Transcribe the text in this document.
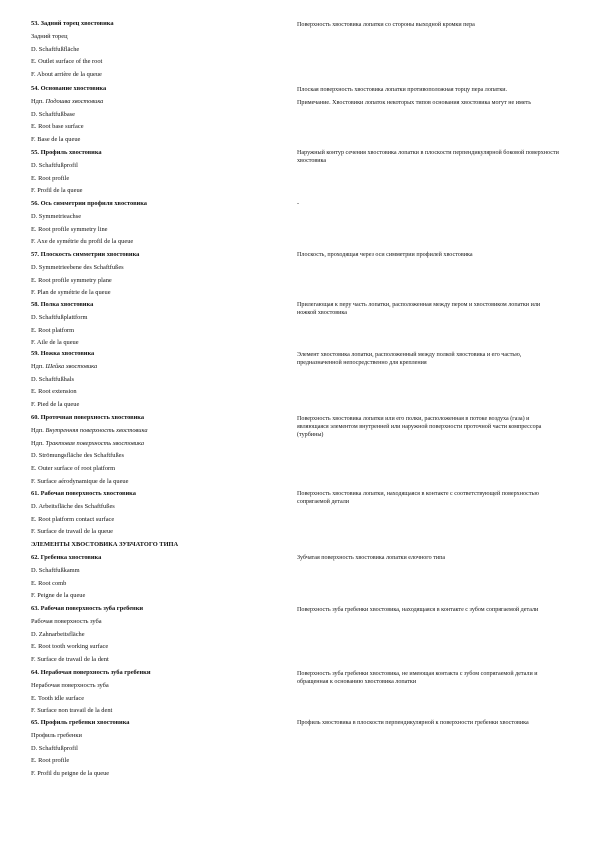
53. Задний торец хвостовика
Задний торец
D. Schaftfußfläche
E. Outlet surface of the root
F. About arrière de la queue
Поверхность хвостовика лопатки со стороны выходной кромки пера
54. Основание хвостовика
Ндп. Подошва хвостовика
D. Schaftfußbase
E. Root base surface
F. Base de la queue
Плоская поверхность хвостовика лопатки противоположная торцу пера лопатки.
Примечание. Хвостовики лопаток некоторых типов основания хвостовика могут не иметь
55. Профиль хвостовика
D. Schaftfußprofil
E. Root profile
F. Profil de la queue
Наружный контур сечения хвостовика лопатки в плоскости перпендикулярной боковой поверхности хвостовика
56. Ось симметрии профиля хвостовика
D. Symmetrieachse
E. Root profile symmetry line
F. Axe de symétrie du profil de la queue
-
57. Плоскость симметрии хвостовика
D. Symmetrieebene des Schaftfußes
E. Root profile symmetry plane
F. Plan de symétrie de la queue
Плоскость, проходящая через оси симметрии профилей хвостовика
58. Полка хвостовика
D. Schaftfußplattform
E. Root platform
F. Aile de la queue
Прилегающая к перу часть лопатки, расположенная между пером и хвостовиком лопатки или ножкой хвостовика
59. Ножка хвостовика
Ндп. Шейка хвостовика
D. Schaftfußhals
E. Root extension
F. Pied de la queue
Элемент хвостовика лопатки, расположенный между полкой хвостовика и его частью, предназначенной непосредственно для крепления
60. Проточная поверхность хвостовика
Ндп. Внутренняя поверхность хвостовика
Ндп. Трактовая поверхность хвостовика
D. Strömungsfläche des Schaftfußes
E. Outer surface of root platform
F. Surface aérodynamique de la queue
Поверхность хвостовика лопатки или его полки, расположенная в потоке воздуха (газа) и являющаяся элементом внутренней или наружной поверхности проточной части компрессора (турбины)
61. Рабочая поверхность хвостовика
D. Arbeitsfläche des Schaftfußes
E. Root platform contact surface
F. Surface de travail de la queue
Поверхность хвостовика лопатки, находящаяся в контакте с соответствующей поверхностью сопрягаемой детали
ЭЛЕМЕНТЫ ХВОСТОВИКА ЗУБЧАТОГО ТИПА
62. Гребенка хвостовика
D. Schaftfußkamm
E. Root comb
F. Peigne de la queue
Зубчатая поверхность хвостовика лопатки елочного типа
63. Рабочая поверхность зуба гребенки
Рабочая поверхность зуба
D. Zahnarbeitsfläche
E. Root tooth working surface
F. Surface de travail de la dent
Поверхность зуба гребенки хвостовика, находящаяся в контакте с зубом сопрягаемой детали
64. Нерабочая поверхность зуба гребенки
Нерабочая поверхность зуба
E. Tooth idle surface
F. Surface non travail de la dent
Поверхность зуба гребенки хвостовика, не имеющая контакта с зубом сопрягаемой детали и обращенная к основанию хвостовика лопатки
65. Профиль гребенки хвостовика
Профиль гребенки
D. Schaftfußprofil
E. Root profile
F. Profil du peigne de la queue
Профиль хвостовика в плоскости перпендикулярной к поверхности гребенки хвостовика
